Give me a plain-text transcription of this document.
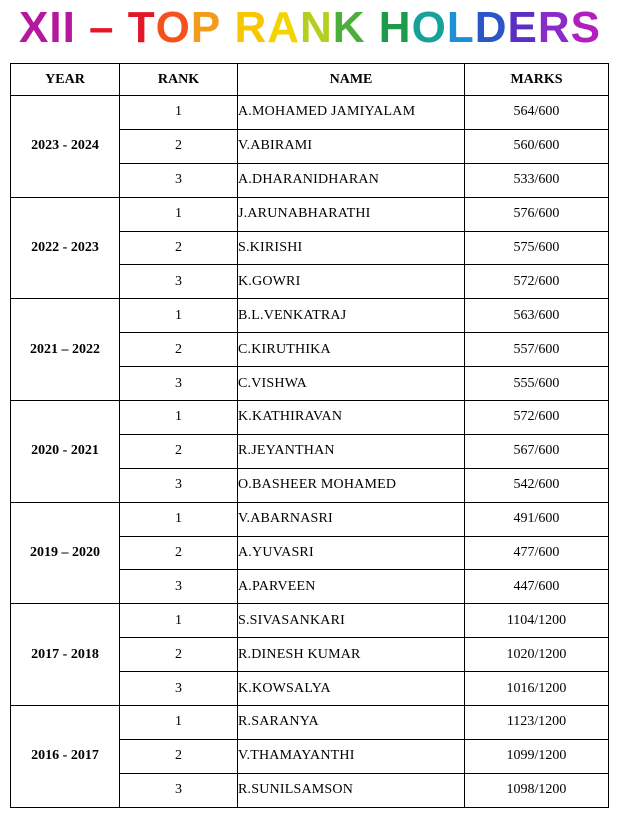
XII – TOP RANK HOLDERS
YEAR	RANK	NAME	MARKS
2023 - 2024	1	A.MOHAMED JAMIYALAM	564/600
	2	V.ABIRAMI	560/600
	3	A.DHARANIDHARAN	533/600
2022 - 2023	1	J.ARUNABHARATHI	576/600
	2	S.KIRISHI	575/600
	3	K.GOWRI	572/600
2021 – 2022	1	B.L.VENKATRAJ	563/600
	2	C.KIRUTHIKA	557/600
	3	C.VISHWA	555/600
2020 - 2021	1	K.KATHIRAVAN	572/600
	2	R.JEYANTHAN	567/600
	3	O.BASHEER MOHAMED	542/600
2019 – 2020	1	V.ABARNASRI	491/600
	2	A.YUVASRI	477/600
	3	A.PARVEEN	447/600
2017 - 2018	1	S.SIVASANKARI	1104/1200
	2	R.DINESH KUMAR	1020/1200
	3	K.KOWSALYA	1016/1200
2016 - 2017	1	R.SARANYA	1123/1200
	2	V.THAMAYANTHI	1099/1200
	3	R.SUNILSAMSON	1098/1200
